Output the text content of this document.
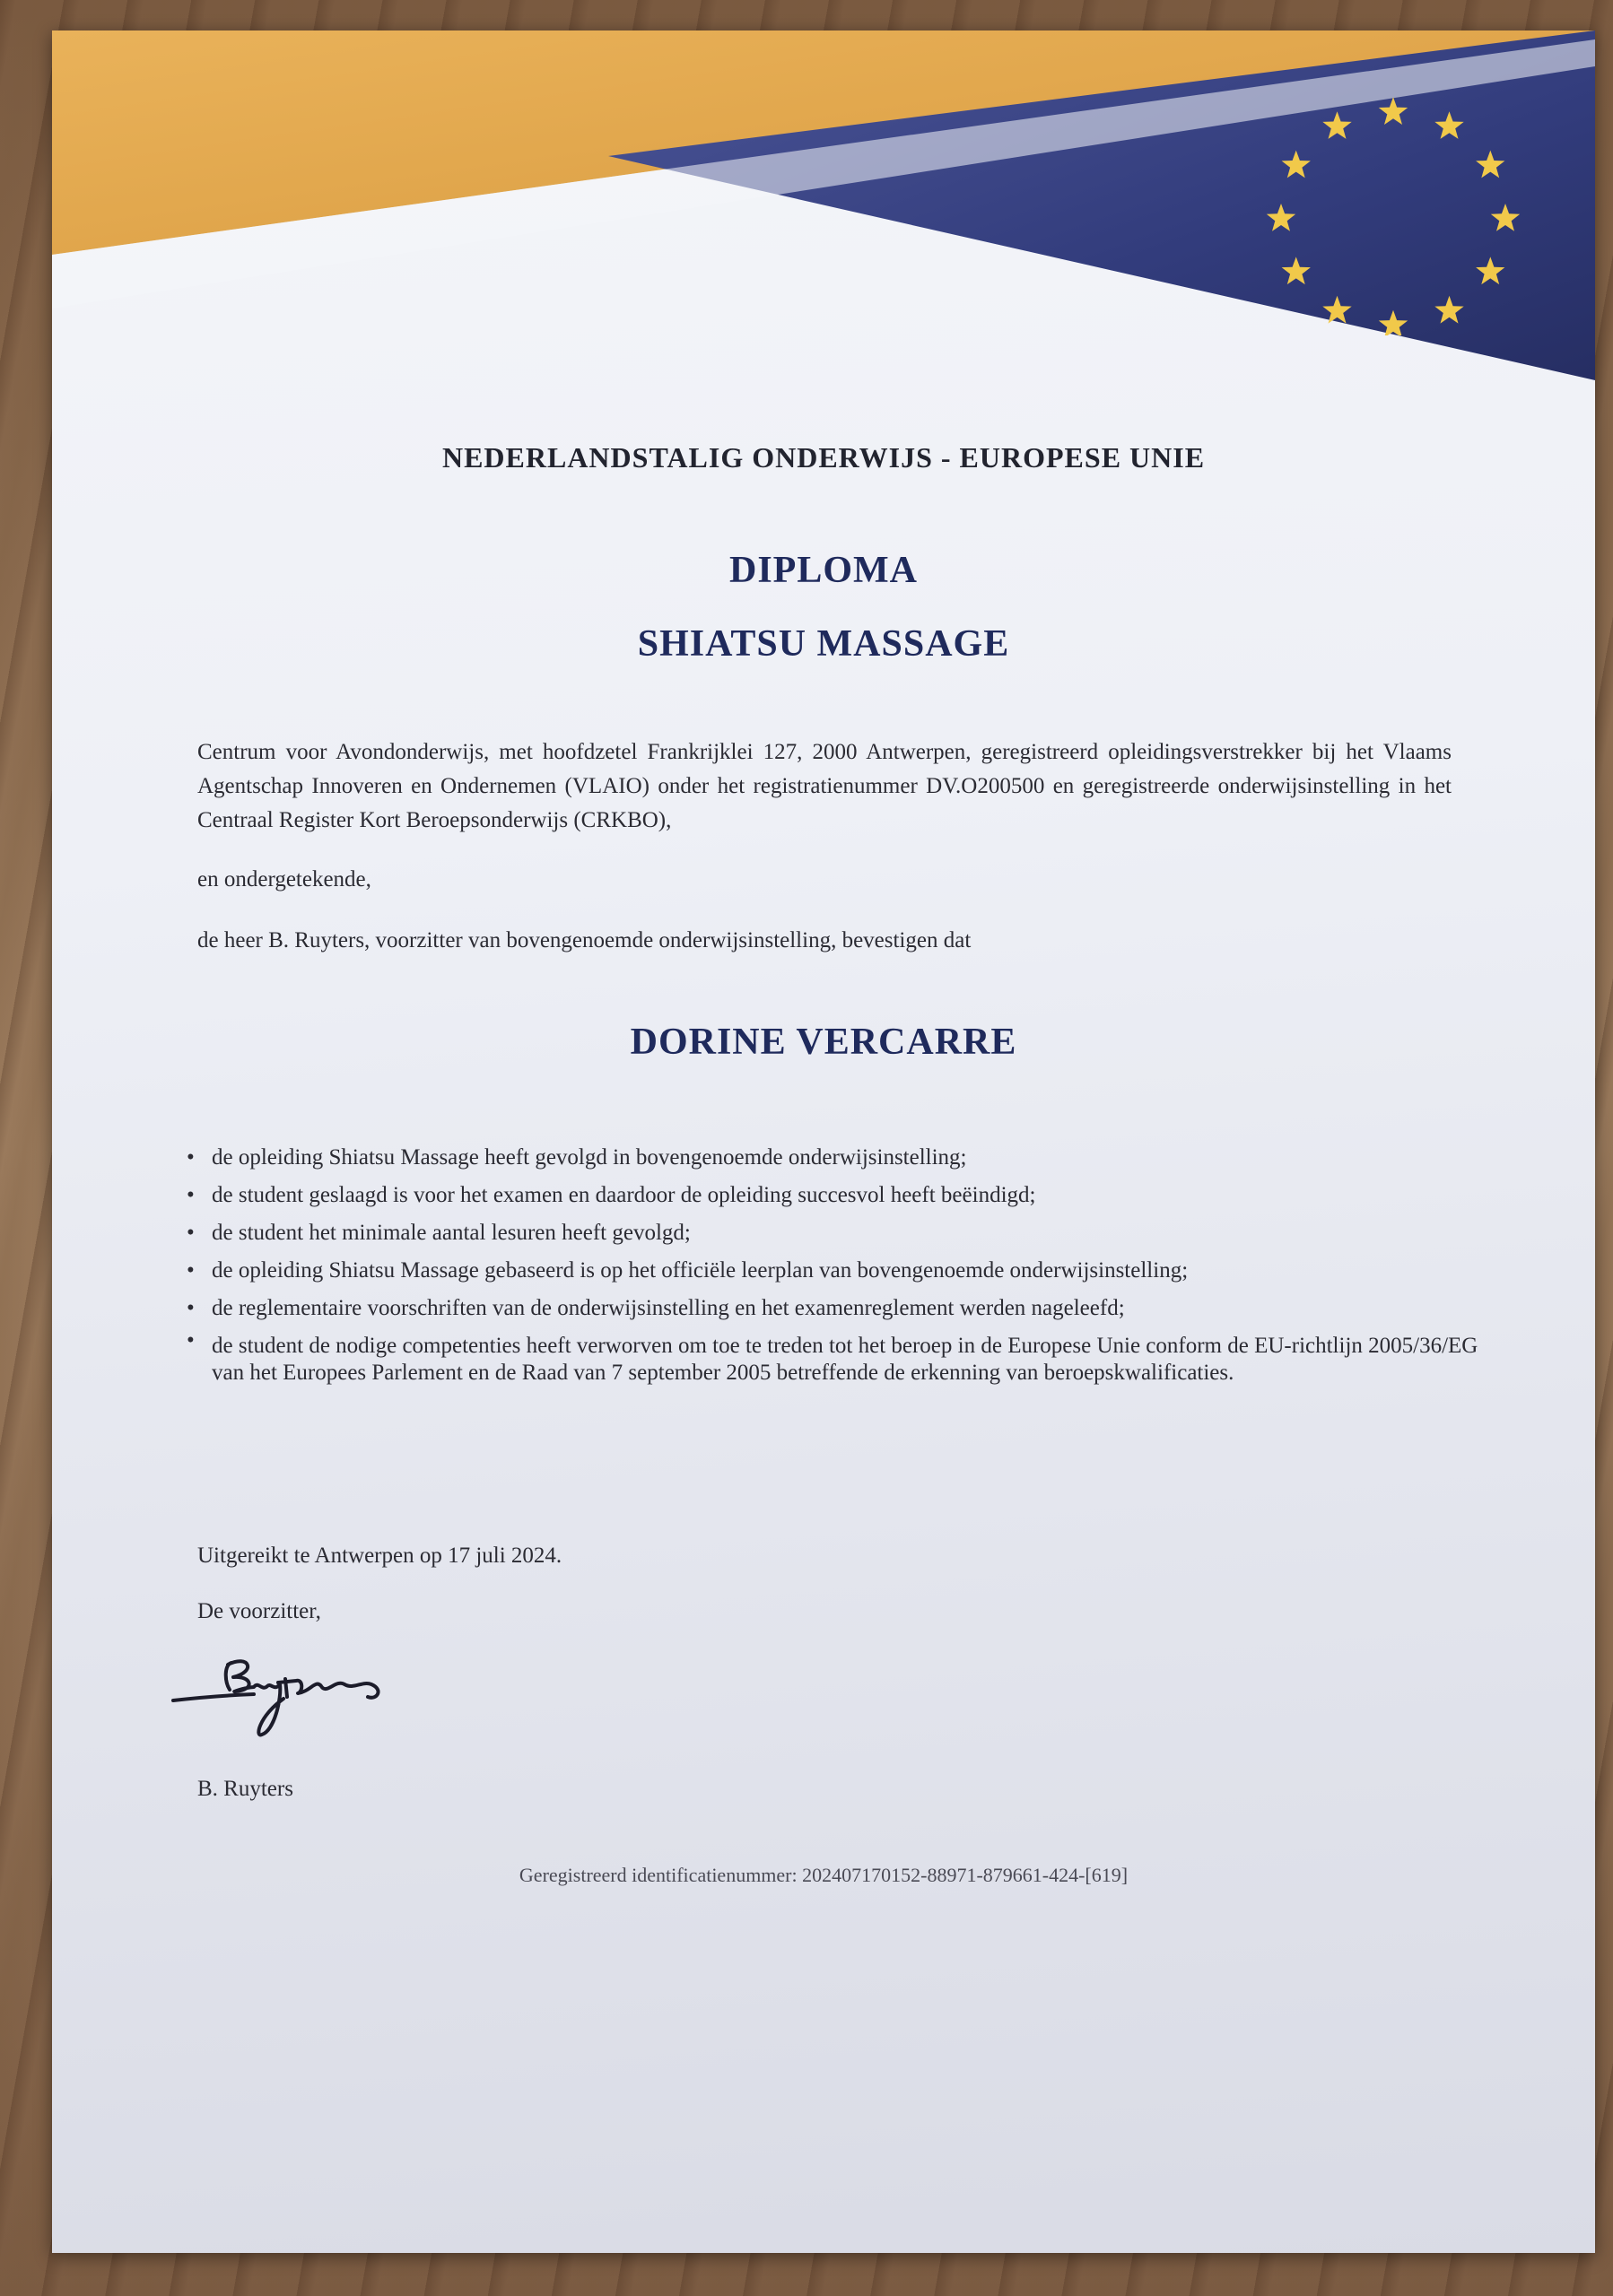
NEDERLANDSTALIG ONDERWIJS - EUROPESE UNIE
DIPLOMA
SHIATSU MASSAGE
Centrum voor Avondonderwijs, met hoofdzetel Frankrijklei 127, 2000 Antwerpen, geregistreerd opleidingsverstrekker bij het Vlaams Agentschap Innoveren en Ondernemen (VLAIO) onder het registratienummer DV.O200500 en geregistreerde onderwijsinstelling in het Centraal Register Kort Beroepsonderwijs (CRKBO),
en ondergetekende,
de heer B. Ruyters, voorzitter van bovengenoemde onderwijsinstelling, bevestigen dat
DORINE VERCARRE
• de opleiding Shiatsu Massage heeft gevolgd in bovengenoemde onderwijsinstelling;
• de student geslaagd is voor het examen en daardoor de opleiding succesvol heeft beëindigd;
• de student het minimale aantal lesuren heeft gevolgd;
• de opleiding Shiatsu Massage gebaseerd is op het officiële leerplan van bovengenoemde onderwijsinstelling;
• de reglementaire voorschriften van de onderwijsinstelling en het examenreglement werden nageleefd;
• de student de nodige competenties heeft verworven om toe te treden tot het beroep in de Europese Unie conform de EU-richtlijn 2005/36/EG van het Europees Parlement en de Raad van 7 september 2005 betreffende de erkenning van beroepskwalificaties.
Uitgereikt te Antwerpen op 17 juli 2024.
De voorzitter,
B. Ruyters
Geregistreerd identificatienummer: 202407170152-88971-879661-424-[619]
